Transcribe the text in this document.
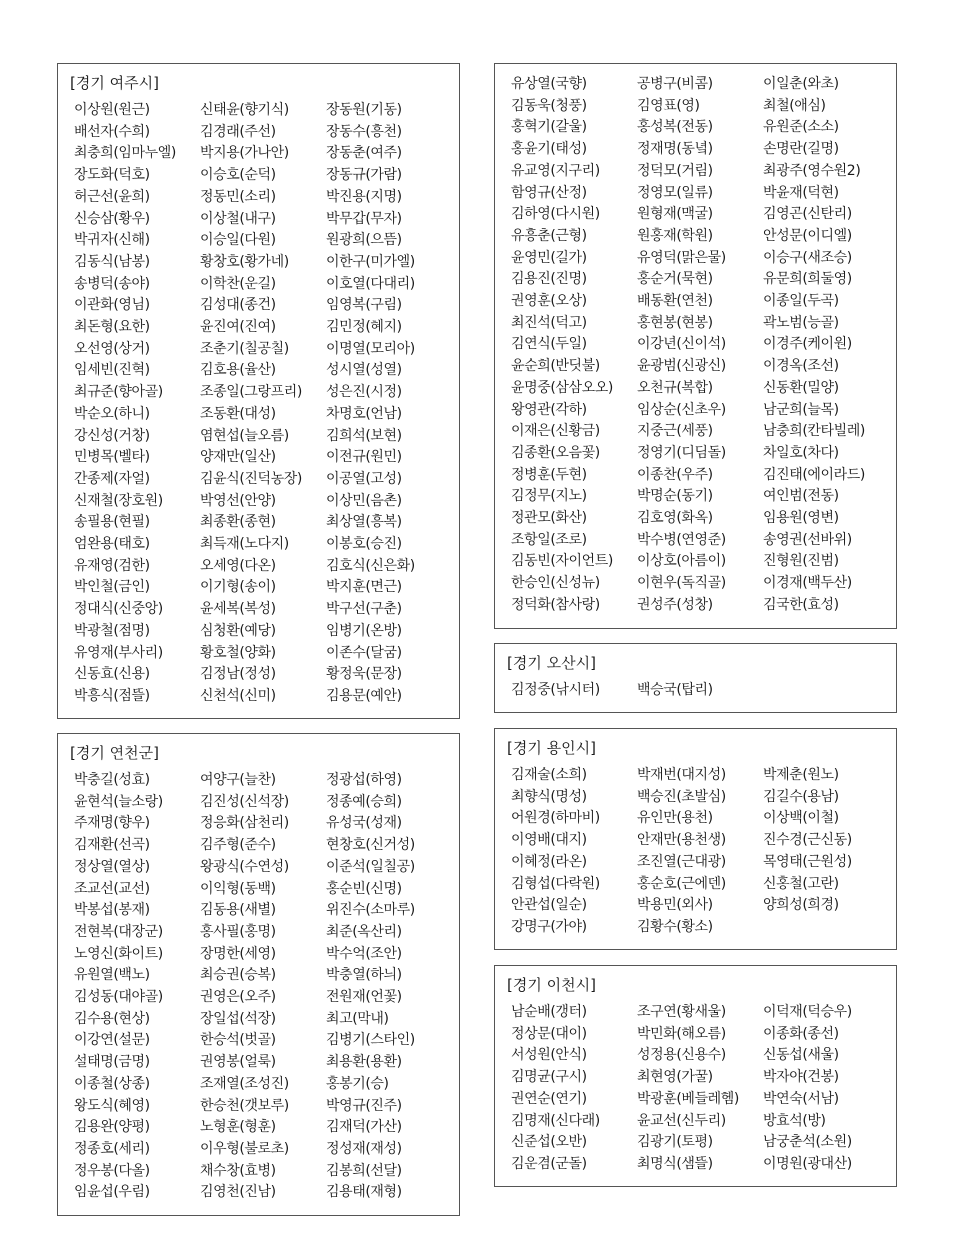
[경기 여주시]
이상원(원근)	신태윤(향기식)	장동원(기동)
배선자(수희)	김경래(주선)	장동수(흥천)
최충희(임마누엘)	박지용(가나안)	장동춘(여주)
장도화(덕호)	이승호(순덕)	장동규(가람)
허근선(윤희)	정동민(소리)	박진용(지명)
신승삼(황우)	이상철(내구)	박무갑(무자)
박귀자(신해)	이승일(다원)	원광희(으뜸)
김동식(남봉)	황창호(황가네)	이한구(미가엘)
송병덕(송야)	이학찬(운길)	이호열(다대리)
이관화(영님)	김성대(종건)	임영복(구림)
최돈형(요한)	윤진여(진여)	김민정(혜지)
오선영(상거)	조춘기(칠공칠)	이명열(모리아)
임세빈(진혁)	김호용(율산)	성시열(성열)
최규준(향아골)	조종일(그랑프리)	성은진(시정)
박순오(하니)	조동환(대성)	차명호(언남)
강신성(거창)	염현섭(늘오름)	김희석(보현)
민병목(벨타)	양재만(일산)	이전규(원민)
간종제(자얼)	김윤식(진덕농장)	이공열(고성)
신재철(장호원)	박영선(안양)	이상민(음촌)
송필용(현필)	최종환(종현)	최상열(흥복)
엄완용(태호)	최득재(노다지)	이봉호(승진)
유재영(검한)	오세영(다온)	김호식(신은화)
박인철(금인)	이기형(송이)	박지훈(면근)
정대식(신중앙)	윤세복(복성)	박구선(구춘)
박광철(점명)	심청환(예당)	임병기(온방)
유영재(부사리)	황호철(양화)	이존수(달굼)
신동효(신용)	김정남(정성)	황정욱(문장)
박흥식(점뜰)	신천석(신미)	김용문(예안)
[경기 연천군]
박충길(성효)	여양구(늘찬)	정광섭(하영)
윤현석(늘소랑)	김진성(신석장)	정종예(승희)
주재명(향우)	정응화(삼천리)	유성국(성재)
김재환(선곡)	김주형(준수)	현창호(신거성)
정상열(열상)	왕광식(수연성)	이준석(일칠공)
조교선(교선)	이익형(동백)	홍순빈(신명)
박봉섭(봉재)	김동용(새별)	위진수(소마루)
전현복(대장군)	홍사필(홍명)	최준(옥산리)
노영신(화이트)	장명한(세영)	박수억(조안)
유원열(백노)	최승권(승복)	박충열(하늬)
김성동(대야골)	권영은(오주)	전원재(언꽃)
김수용(현상)	장일섭(석장)	최고(막내)
이강연(설문)	한승석(벗골)	김병기(스타인)
설태명(금명)	권영봉(얼룩)	최용환(용환)
이종철(상종)	조재열(조성진)	홍봉기(승)
왕도식(혜영)	한승천(갯보루)	박영규(진주)
김용완(양평)	노형훈(형훈)	김재덕(가산)
정종호(세리)	이우형(불로초)	정성재(재성)
정우봉(다올)	채수창(효병)	김봉희(선달)
임윤섭(우림)	김영천(진남)	김용태(재형)
유상열(국향)	공병구(비콤)	이일춘(와초)
김동욱(청풍)	김영표(영)	최철(애심)
홍혁기(갈울)	홍성복(전동)	유원준(소소)
홍윤기(태성)	정재명(동녘)	손명란(길명)
유교영(지구리)	정덕모(거림)	최광주(영수원2)
함영규(산정)	정영모(일류)	박윤재(덕현)
김하영(다시원)	원형재(맥굴)	김영곤(신탄리)
유흥춘(근형)	원홍재(학원)	안성문(이디엘)
윤영민(길가)	유영덕(맑은물)	이승구(새조승)
김용진(진명)	홍순거(묵현)	유문희(희둘영)
권영훈(오상)	배동환(연천)	이종일(두곡)
최진석(덕고)	홍현봉(현봉)	곽노범(능골)
김연식(두일)	이강년(신이석)	이경주(케이원)
윤순희(반딧불)	윤광범(신광신)	이경옥(조선)
윤명중(삼삼오오)	오천규(복합)	신동환(밀양)
왕영관(각하)	임상순(신초우)	남군희(늘목)
이재은(신황금)	지중근(세풍)	남충희(칸타빌레)
김종환(오음꽃)	정영기(디딤돌)	차일호(차다)
정병훈(두현)	이종찬(우주)	김진태(에이라드)
김정무(지노)	박명순(동기)	여인범(전동)
정관모(화산)	김호영(화옥)	임용원(영변)
조항일(조로)	박수병(연영준)	송영권(선바위)
김동빈(자이언트)	이상호(아름이)	진형원(진범)
한승인(신성뉴)	이현우(독직골)	이경재(백두산)
정덕화(참사랑)	권성주(성창)	김국한(효성)
[경기 오산시]
김정중(낚시터)	백승국(탑리)
[경기 용인시]
김재술(소희)	박재번(대지성)	박제춘(원노)
최향식(명성)	백승진(초발심)	김길수(용남)
어원경(하마비)	유인만(용천)	이상백(이철)
이영배(대지)	안재만(용천생)	진수경(근신동)
이혜정(라온)	조진열(근대광)	목영태(근원성)
김형섭(다락원)	홍순호(근에덴)	신홍철(고란)
안관섭(일순)	박용민(외사)	양희성(희경)
강명구(가야)	김황수(황소)
[경기 이천시]
남순배(갱터)	조구연(황새울)	이덕재(덕승우)
정상문(대이)	박민화(해오름)	이종화(종선)
서성원(안식)	성정용(신용수)	신동섭(새울)
김명균(구시)	최현영(가꿀)	박자야(건봉)
권연순(연기)	박광훈(베들레헴)	박연숙(서남)
김명재(신다래)	윤교선(신두리)	방효석(방)
신준섭(오반)	김광기(토평)	남궁춘석(소원)
김운겸(군돌)	최명식(샘뜰)	이명원(광대산)
